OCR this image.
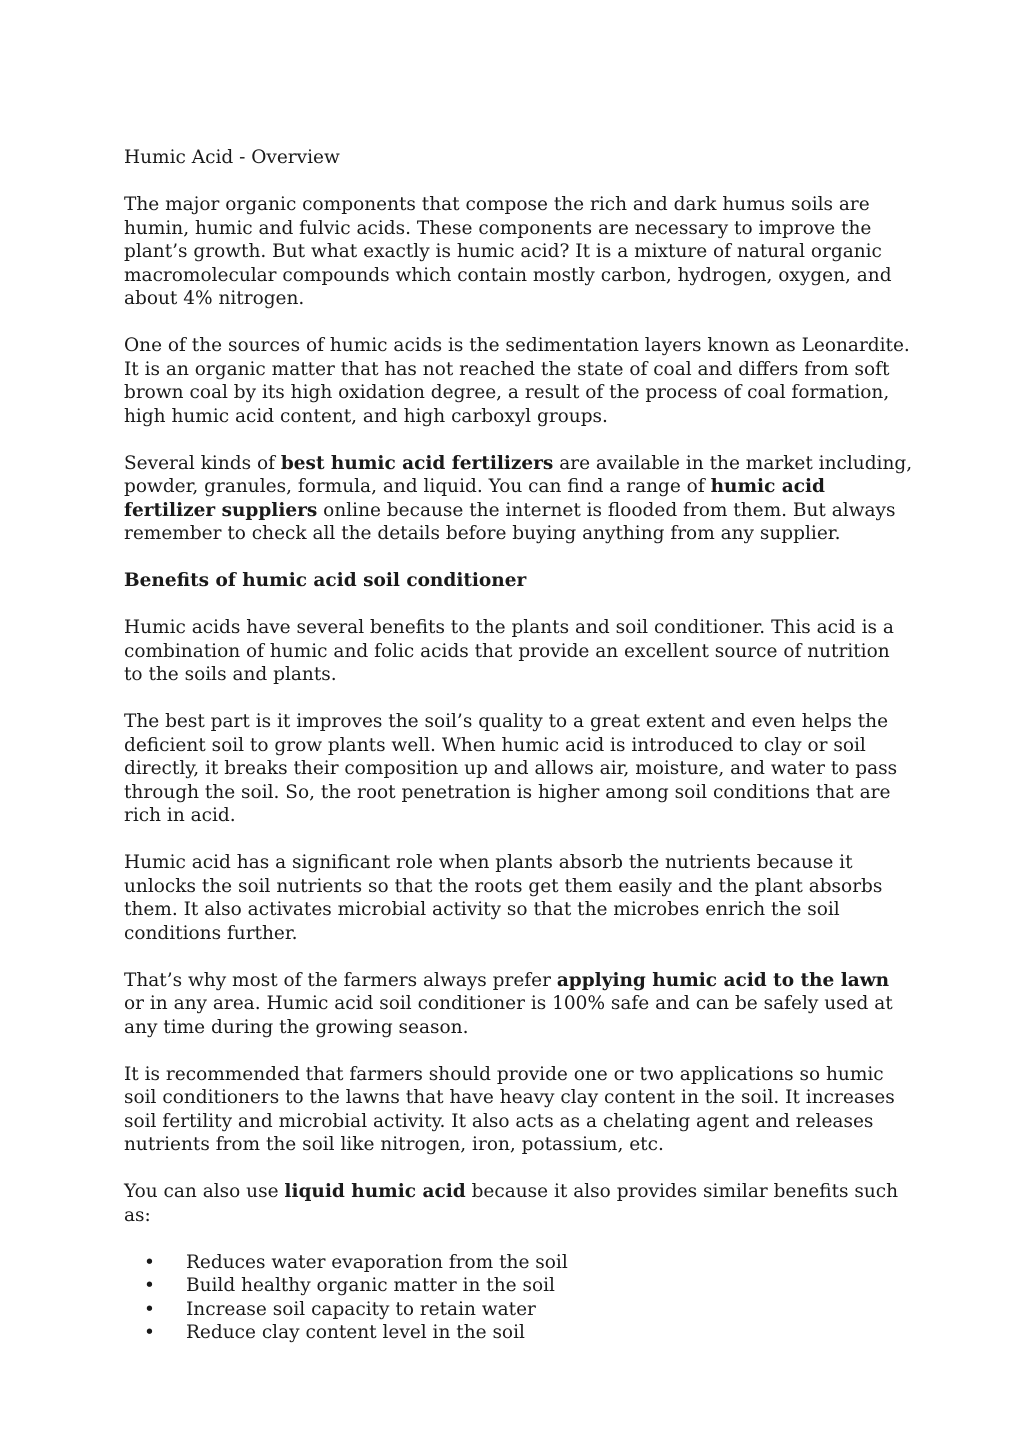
Humic Acid - Overview

The major organic components that compose the rich and dark humus soils are humin, humic and fulvic acids. These components are necessary to improve the plant’s growth. But what exactly is humic acid? It is a mixture of natural organic macromolecular compounds which contain mostly carbon, hydrogen, oxygen, and about 4% nitrogen.

One of the sources of humic acids is the sedimentation layers known as Leonardite. It is an organic matter that has not reached the state of coal and differs from soft brown coal by its high oxidation degree, a result of the process of coal formation, high humic acid content, and high carboxyl groups.

Several kinds of best humic acid fertilizers are available in the market including, powder, granules, formula, and liquid. You can find a range of humic acid fertilizer suppliers online because the internet is flooded from them. But always remember to check all the details before buying anything from any supplier.

Benefits of humic acid soil conditioner

Humic acids have several benefits to the plants and soil conditioner. This acid is a combination of humic and folic acids that provide an excellent source of nutrition to the soils and plants.

The best part is it improves the soil’s quality to a great extent and even helps the deficient soil to grow plants well. When humic acid is introduced to clay or soil directly, it breaks their composition up and allows air, moisture, and water to pass through the soil. So, the root penetration is higher among soil conditions that are rich in acid.

Humic acid has a significant role when plants absorb the nutrients because it unlocks the soil nutrients so that the roots get them easily and the plant absorbs them. It also activates microbial activity so that the microbes enrich the soil conditions further.

That’s why most of the farmers always prefer applying humic acid to the lawn or in any area. Humic acid soil conditioner is 100% safe and can be safely used at any time during the growing season.

It is recommended that farmers should provide one or two applications so humic soil conditioners to the lawns that have heavy clay content in the soil. It increases soil fertility and microbial activity. It also acts as a chelating agent and releases nutrients from the soil like nitrogen, iron, potassium, etc.

You can also use liquid humic acid because it also provides similar benefits such as:

• Reduces water evaporation from the soil
• Build healthy organic matter in the soil
• Increase soil capacity to retain water
• Reduce clay content level in the soil
